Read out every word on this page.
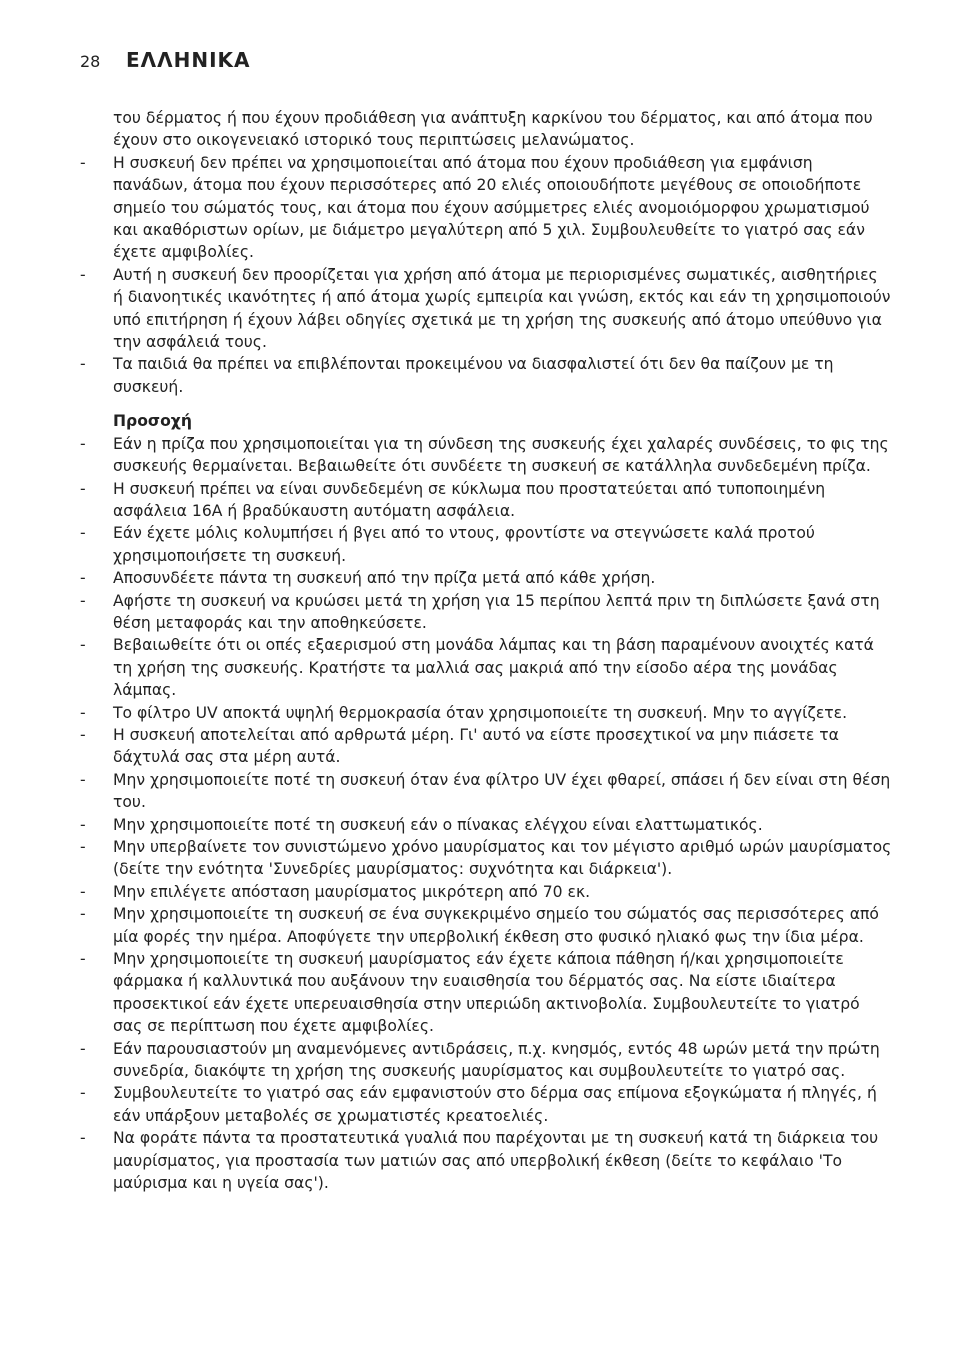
28	ΕΛΛΗΝΙΚΑ

του δέρματος ή που έχουν προδιάθεση για ανάπτυξη καρκίνου του δέρματος, και από άτομα που έχουν στο οικογενειακό ιστορικό τους περιπτώσεις μελανώματος.

-	Η συσκευή δεν πρέπει να χρησιμοποιείται από άτομα που έχουν προδιάθεση για εμφάνιση πανάδων, άτομα που έχουν περισσότερες από 20 ελιές οποιουδήποτε μεγέθους σε οποιοδήποτε σημείο του σώματός τους, και άτομα που έχουν ασύμμετρες ελιές ανομοιόμορφου χρωματισμού και ακαθόριστων ορίων, με διάμετρο μεγαλύτερη από 5 χιλ. Συμβουλευθείτε το γιατρό σας εάν έχετε αμφιβολίες.
-	Αυτή η συσκευή δεν προορίζεται για χρήση από άτομα με περιορισμένες σωματικές, αισθητήριες ή διανοητικές ικανότητες ή από άτομα χωρίς εμπειρία και γνώση, εκτός και εάν τη χρησιμοποιούν υπό επιτήρηση ή έχουν λάβει οδηγίες σχετικά με τη χρήση της συσκευής από άτομο υπεύθυνο για την ασφάλειά τους.
-	Τα παιδιά θα πρέπει να επιβλέπονται προκειμένου να διασφαλιστεί ότι δεν θα παίζουν με τη συσκευή.
Προσοχή
-	Εάν η πρίζα που χρησιμοποιείται για τη σύνδεση της συσκευής έχει χαλαρές συνδέσεις, το φις της συσκευής θερμαίνεται. Βεβαιωθείτε ότι συνδέετε τη συσκευή σε κατάλληλα συνδεδεμένη πρίζα.
-	Η συσκευή πρέπει να είναι συνδεδεμένη σε κύκλωμα που προστατεύεται από τυποποιημένη ασφάλεια 16A ή βραδύκαυστη αυτόματη ασφάλεια.
-	Εάν έχετε μόλις κολυμπήσει ή βγει από το ντους, φροντίστε να στεγνώσετε καλά προτού χρησιμοποιήσετε τη συσκευή.
-	Αποσυνδέετε πάντα τη συσκευή από την πρίζα μετά από κάθε χρήση.
-	Αφήστε τη συσκευή να κρυώσει μετά τη χρήση για 15 περίπου λεπτά πριν τη διπλώσετε ξανά στη θέση μεταφοράς και την αποθηκεύσετε.
-	Βεβαιωθείτε ότι οι οπές εξαερισμού στη μονάδα λάμπας και τη βάση παραμένουν ανοιχτές κατά τη χρήση της συσκευής. Κρατήστε τα μαλλιά σας μακριά από την είσοδο αέρα της μονάδας λάμπας.
-	Το φίλτρο UV αποκτά υψηλή θερμοκρασία όταν χρησιμοποιείτε τη συσκευή. Μην το αγγίζετε.
-	Η συσκευή αποτελείται από αρθρωτά μέρη. Γι' αυτό να είστε προσεχτικοί να μην πιάσετε τα δάχτυλά σας στα μέρη αυτά.
-	Μην χρησιμοποιείτε ποτέ τη συσκευή όταν ένα φίλτρο UV έχει φθαρεί, σπάσει ή δεν είναι στη θέση του.
-	Μην χρησιμοποιείτε ποτέ τη συσκευή εάν ο πίνακας ελέγχου είναι ελαττωματικός.
-	Μην υπερβαίνετε τον συνιστώμενο χρόνο μαυρίσματος και τον μέγιστο αριθμό ωρών μαυρίσματος (δείτε την ενότητα 'Συνεδρίες μαυρίσματος: συχνότητα και διάρκεια').
-	Μην επιλέγετε απόσταση μαυρίσματος μικρότερη από 70 εκ.
-	Μην χρησιμοποιείτε τη συσκευή σε ένα συγκεκριμένο σημείο του σώματός σας περισσότερες από μία φορές την ημέρα. Αποφύγετε την υπερβολική έκθεση στο φυσικό ηλιακό φως την ίδια μέρα.
-	Μην χρησιμοποιείτε τη συσκευή μαυρίσματος εάν έχετε κάποια πάθηση ή/και χρησιμοποιείτε φάρμακα ή καλλυντικά που αυξάνουν την ευαισθησία του δέρματός σας. Να είστε ιδιαίτερα προσεκτικοί εάν έχετε υπερευαισθησία στην υπεριώδη ακτινοβολία. Συμβουλευτείτε το γιατρό σας σε περίπτωση που έχετε αμφιβολίες.
-	Εάν παρουσιαστούν μη αναμενόμενες αντιδράσεις, π.χ. κνησμός, εντός 48 ωρών μετά την πρώτη συνεδρία, διακόψτε τη χρήση της συσκευής μαυρίσματος και συμβουλευτείτε το γιατρό σας.
-	Συμβουλευτείτε το γιατρό σας εάν εμφανιστούν στο δέρμα σας επίμονα εξογκώματα ή πληγές, ή εάν υπάρξουν μεταβολές σε χρωματιστές κρεατοελιές.
-	Να φοράτε πάντα τα προστατευτικά γυαλιά που παρέχονται με τη συσκευή κατά τη διάρκεια του μαυρίσματος, για προστασία των ματιών σας από υπερβολική έκθεση (δείτε το κεφάλαιο 'Το μαύρισμα και η υγεία σας').
